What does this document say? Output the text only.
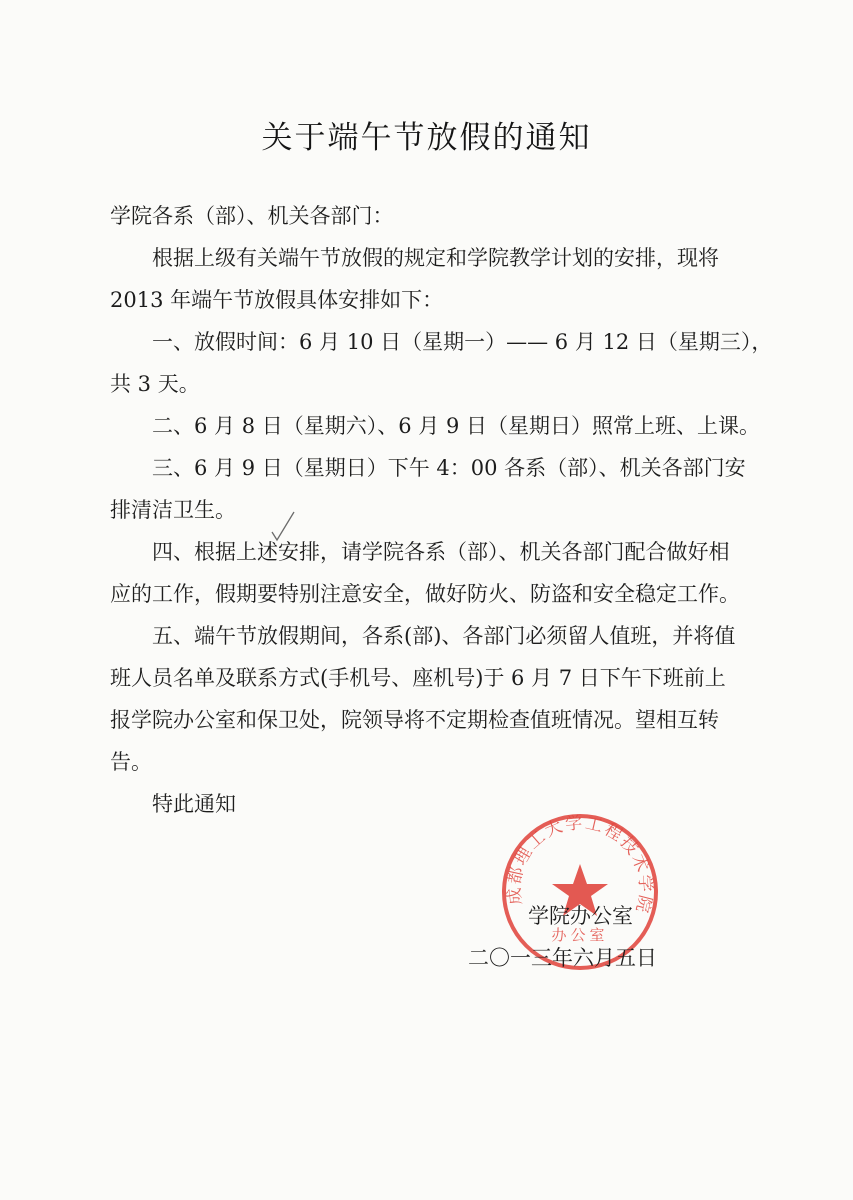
关于端午节放假的通知
学院各系（部）、机关各部门：
根据上级有关端午节放假的规定和学院教学计划的安排，现将
2013 年端午节放假具体安排如下：
一、放假时间：6 月 10 日（星期一）—— 6 月 12 日（星期三），
共 3 天。
二、6 月 8 日（星期六）、6 月 9 日（星期日）照常上班、上课。
三、6 月 9 日（星期日）下午 4：00 各系（部）、机关各部门安
排清洁卫生。
四、根据上述安排，请学院各系（部）、机关各部门配合做好相
应的工作，假期要特别注意安全，做好防火、防盗和安全稳定工作。
五、端午节放假期间，各系(部)、各部门必须留人值班，并将值
班人员名单及联系方式(手机号、座机号)于 6 月 7 日下午下班前上
报学院办公室和保卫处，院领导将不定期检查值班情况。望相互转
告。
特此通知
成都理工大学工程技术学院
办公室
学院办公室
二〇一三年六月五日
